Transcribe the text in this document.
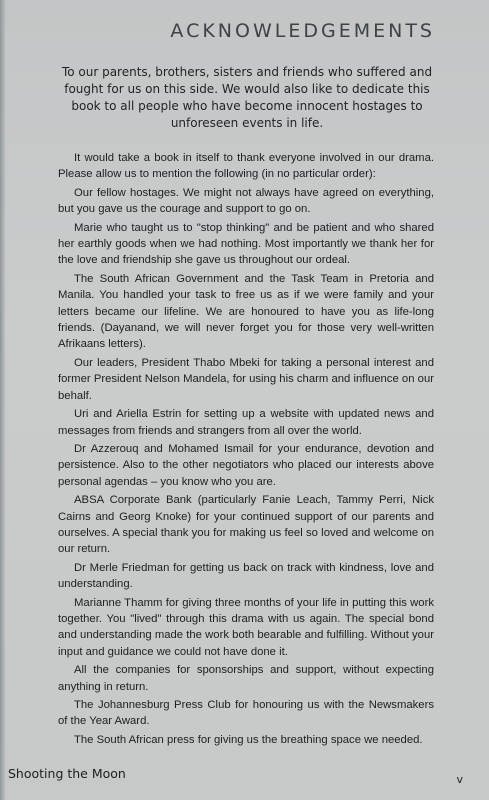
ACKNOWLEDGEMENTS

To our parents, brothers, sisters and friends who suffered and fought for us on this side. We would also like to dedicate this book to all people who have become innocent hostages to unforeseen events in life.

It would take a book in itself to thank everyone involved in our drama. Please allow us to mention the following (in no particular order):

Our fellow hostages. We might not always have agreed on everything, but you gave us the courage and support to go on.

Marie who taught us to "stop thinking" and be patient and who shared her earthly goods when we had nothing. Most importantly we thank her for the love and friendship she gave us throughout our ordeal.

The South African Government and the Task Team in Pretoria and Manila. You handled your task to free us as if we were family and your letters became our lifeline. We are honoured to have you as life-long friends. (Dayanand, we will never forget you for those very well-written Afrikaans letters).

Our leaders, President Thabo Mbeki for taking a personal interest and former President Nelson Mandela, for using his charm and influence on our behalf.

Uri and Ariella Estrin for setting up a website with updated news and messages from friends and strangers from all over the world.

Dr Azzerouq and Mohamed Ismail for your endurance, devotion and persistence. Also to the other negotiators who placed our interests above personal agendas – you know who you are.

ABSA Corporate Bank (particularly Fanie Leach, Tammy Perri, Nick Cairns and Georg Knoke) for your continued support of our parents and ourselves. A special thank you for making us feel so loved and welcome on our return.

Dr Merle Friedman for getting us back on track with kindness, love and understanding.

Marianne Thamm for giving three months of your life in putting this work together. You "lived" through this drama with us again. The special bond and understanding made the work both bearable and fulfilling. Without your input and guidance we could not have done it.

All the companies for sponsorships and support, without expecting anything in return.

The Johannesburg Press Club for honouring us with the Newsmakers of the Year Award.

The South African press for giving us the breathing space we needed.

Shooting the Moon	v
